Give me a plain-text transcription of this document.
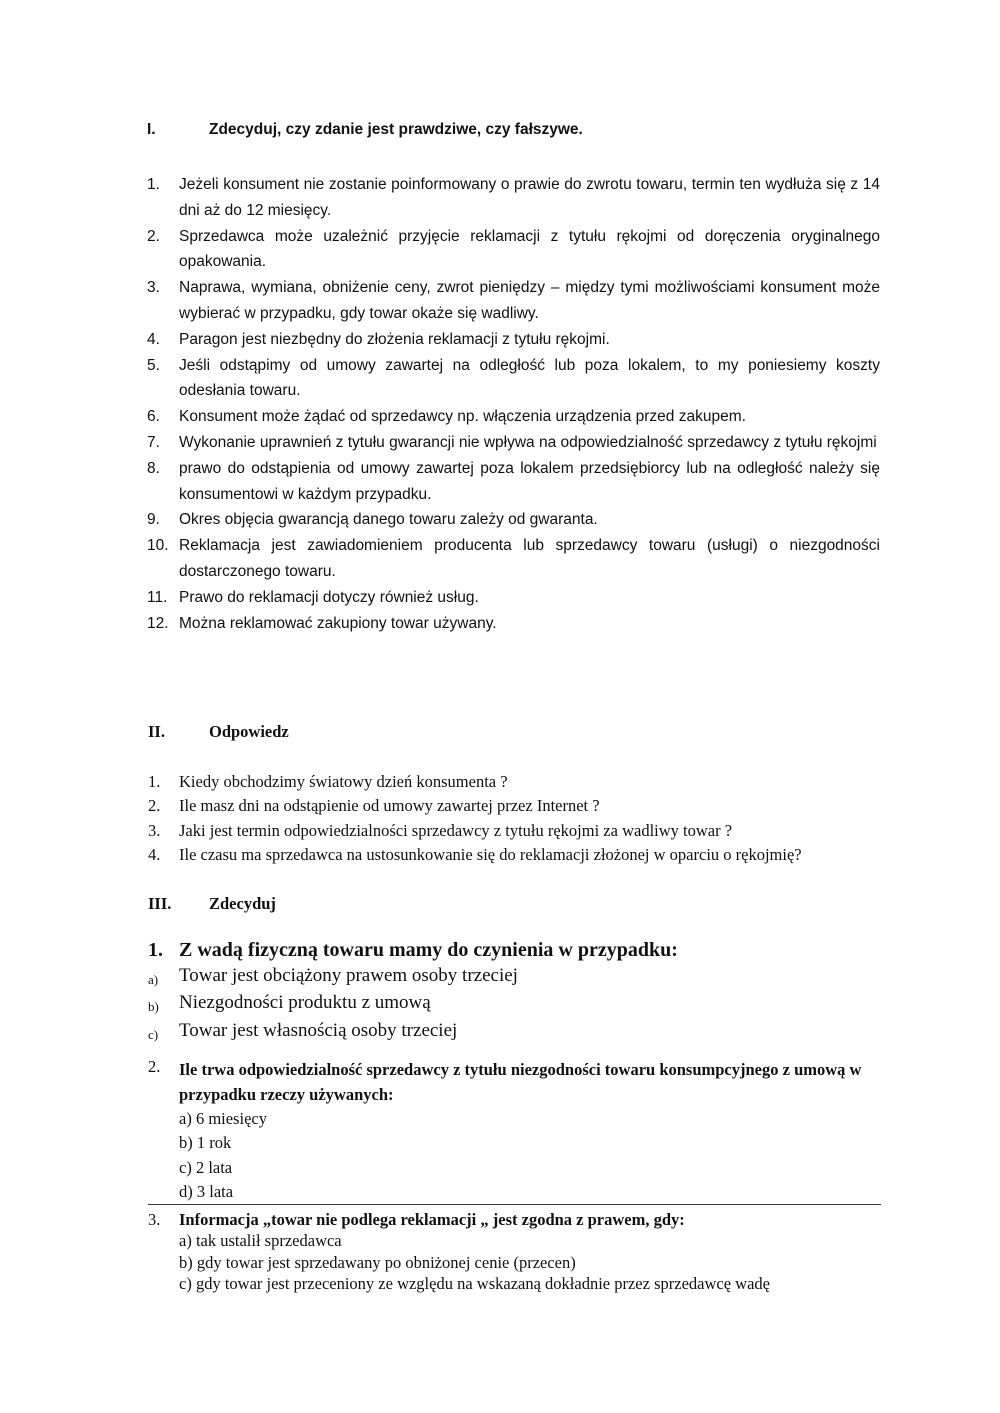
I.	Zdecyduj, czy zdanie jest prawdziwe, czy fałszywe.
1.	Jeżeli konsument nie zostanie poinformowany o prawie do zwrotu towaru, termin ten wydłuża się z 14 dni aż do 12 miesięcy.
2.	Sprzedawca może uzależnić przyjęcie reklamacji z tytułu rękojmi od doręczenia oryginalnego opakowania.
3.	Naprawa, wymiana, obniżenie ceny, zwrot pieniędzy – między tymi możliwościami konsument może wybierać w przypadku, gdy towar okaże się wadliwy.
4.	Paragon jest niezbędny do złożenia reklamacji z tytułu rękojmi.
5.	Jeśli odstąpimy od umowy zawartej na odległość lub poza lokalem, to my poniesiemy koszty odesłania towaru.
6.	Konsument może żądać od sprzedawcy np. włączenia urządzenia przed zakupem.
7.	Wykonanie uprawnień z tytułu gwarancji nie wpływa na odpowiedzialność sprzedawcy z tytułu rękojmi
8.	prawo do odstąpienia od umowy zawartej poza lokalem przedsiębiorcy lub na odległość należy się konsumentowi w każdym przypadku.
9.	Okres objęcia gwarancją danego towaru zależy od gwaranta.
10. Reklamacja jest zawiadomieniem producenta lub sprzedawcy towaru (usługi) o niezgodności dostarczonego towaru.
11. Prawo do reklamacji dotyczy również usług.
12. Można reklamować zakupiony towar używany.
II.	Odpowiedz
1.	Kiedy obchodzimy światowy dzień konsumenta ?
2.	Ile masz dni na odstąpienie od umowy zawartej przez Internet ?
3.	Jaki jest termin odpowiedzialności sprzedawcy z tytułu rękojmi za wadliwy towar ?
4.	Ile czasu ma sprzedawca na ustosunkowanie się do reklamacji złożonej w oparciu o rękojmię?
III. Zdecyduj
1. Z wadą fizyczną towaru mamy do czynienia w przypadku:
a)	Towar jest obciążony prawem osoby trzeciej
b)	Niezgodności produktu z umową
c)	Towar jest własnością osoby trzeciej
2. Ile trwa odpowiedzialność sprzedawcy z tytułu niezgodności towaru konsumpcyjnego z umową w przypadku rzeczy używanych:
a) 6 miesięcy
b) 1 rok
c) 2 lata
d) 3 lata
3. Informacja „towar nie podlega reklamacji „ jest zgodna z prawem, gdy:
a) tak ustalił sprzedawca
b) gdy towar jest sprzedawany po obniżonej cenie (przecen)
c) gdy towar jest przeceniony ze względu na wskazaną dokładnie przez sprzedawcę wadę
